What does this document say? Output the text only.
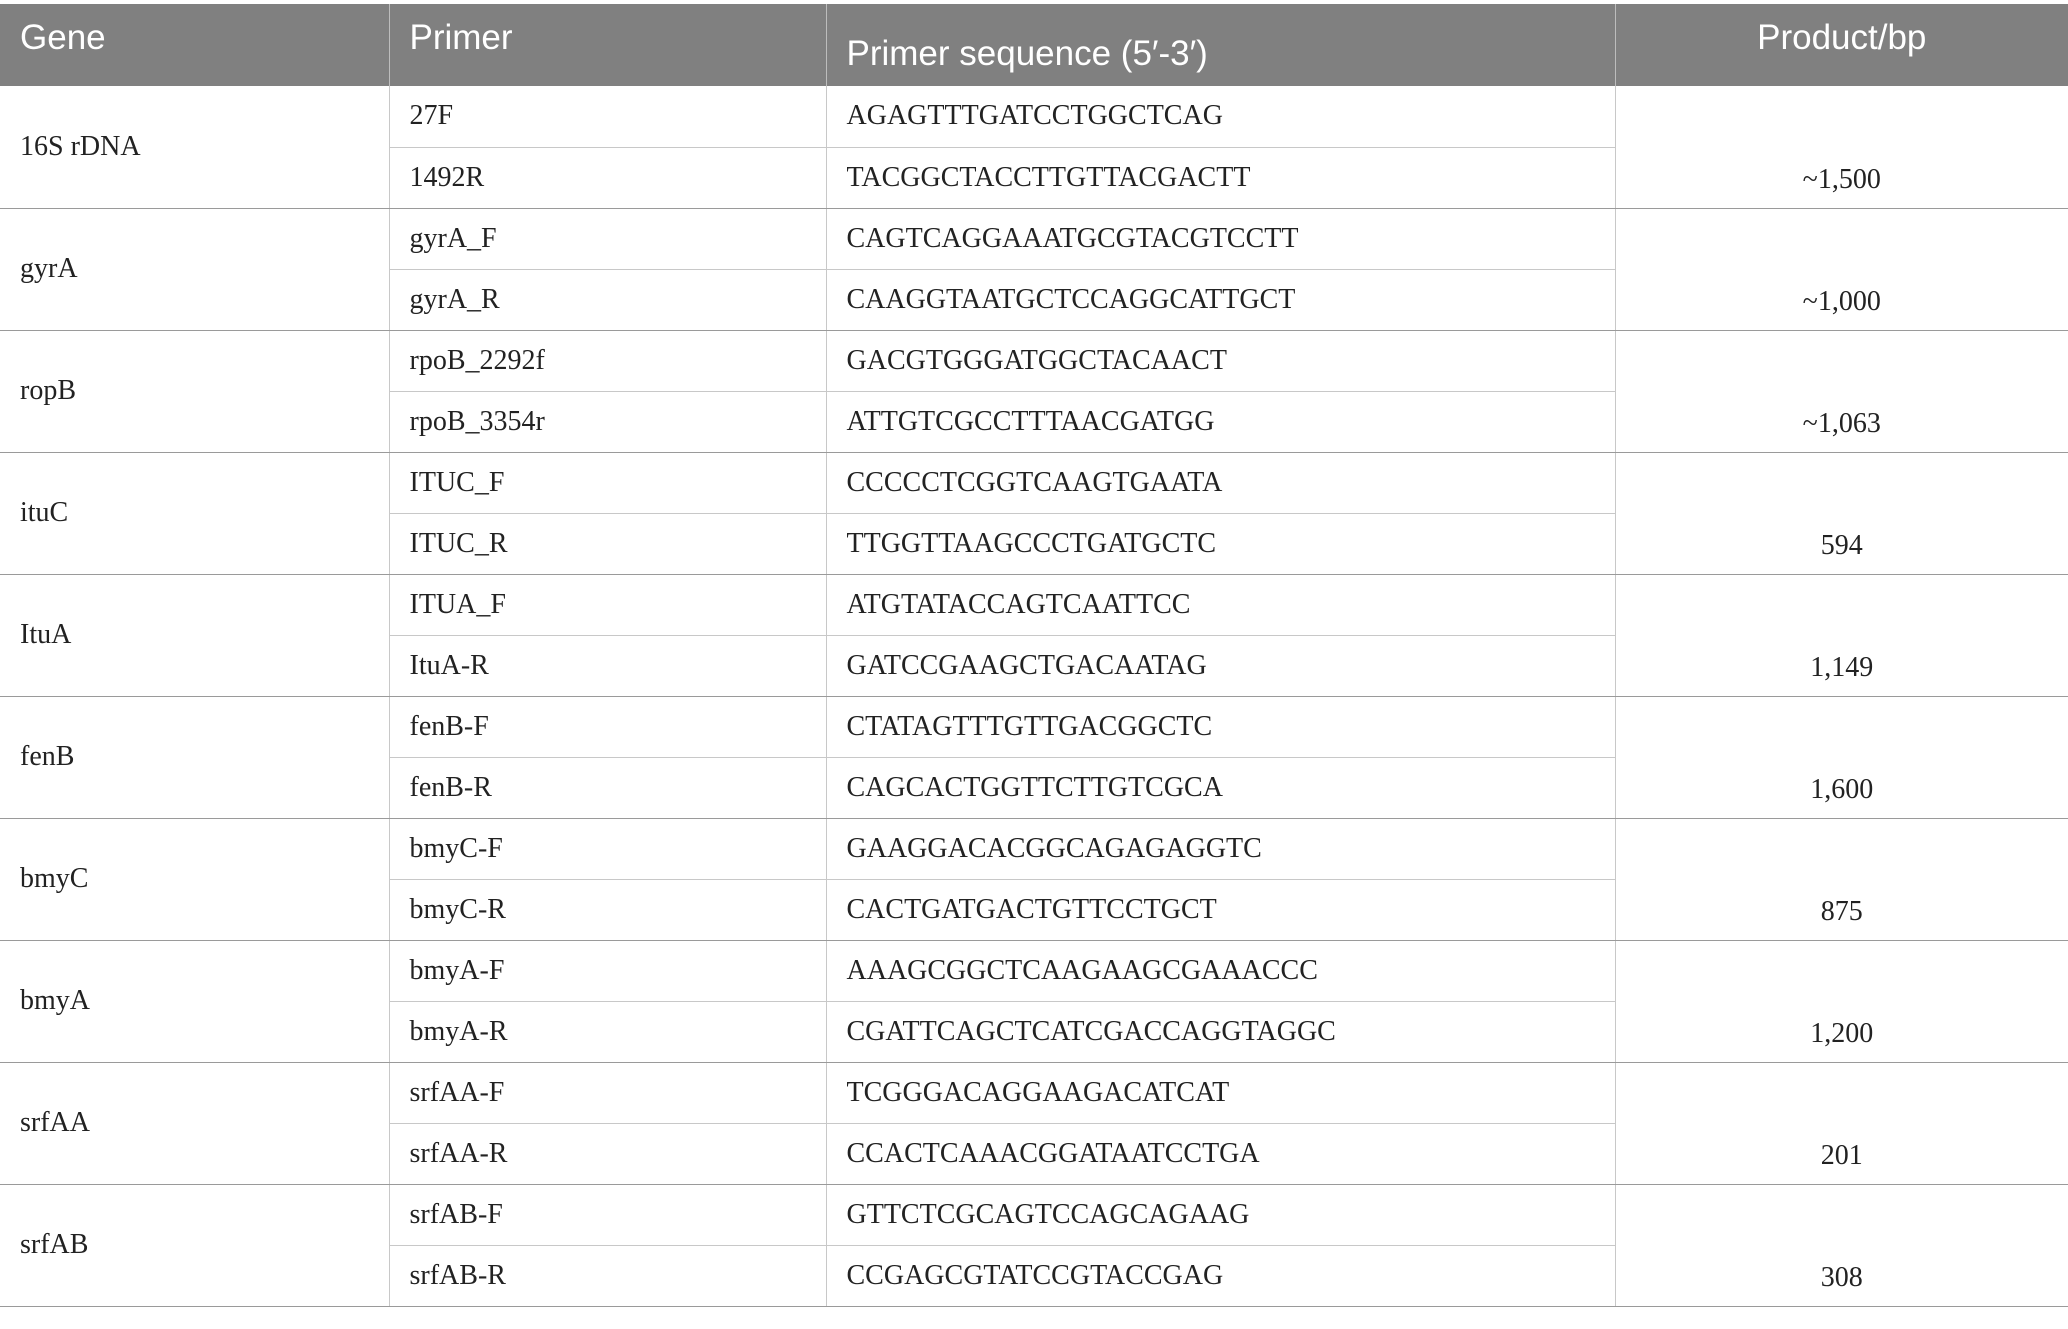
Gene	Primer	Primer sequence (5′-3′)	Product/bp
16S rDNA	27F	AGAGTTTGATCCTGGCTCAG	~1,500
	1492R	TACGGCTACCTTGTTACGACTT	
gyrA	gyrA_F	CAGTCAGGAAATGCGTACGTCCTT	~1,000
	gyrA_R	CAAGGTAATGCTCCAGGCATTGCT	
ropB	rpoB_2292f	GACGTGGGATGGCTACAACT	~1,063
	rpoB_3354r	ATTGTCGCCTTTAACGATGG	
ituC	ITUC_F	CCCCCTCGGTCAAGTGAATA	594
	ITUC_R	TTGGTTAAGCCCTGATGCTC	
ItuA	ITUA_F	ATGTATACCAGTCAATTCC	1,149
	ItuA-R	GATCCGAAGCTGACAATAG	
fenB	fenB-F	CTATAGTTTGTTGACGGCTC	1,600
	fenB-R	CAGCACTGGTTCTTGTCGCA	
bmyC	bmyC-F	GAAGGACACGGCAGAGAGGTC	875
	bmyC-R	CACTGATGACTGTTCCTGCT	
bmyA	bmyA-F	AAAGCGGCTCAAGAAGCGAAACCC	1,200
	bmyA-R	CGATTCAGCTCATCGACCAGGTAGGC	
srfAA	srfAA-F	TCGGGACAGGAAGACATCAT	201
	srfAA-R	CCACTCAAACGGATAATCCTGA	
srfAB	srfAB-F	GTTCTCGCAGTCCAGCAGAAG	308
	srfAB-R	CCGAGCGTATCCGTACCGAG	
